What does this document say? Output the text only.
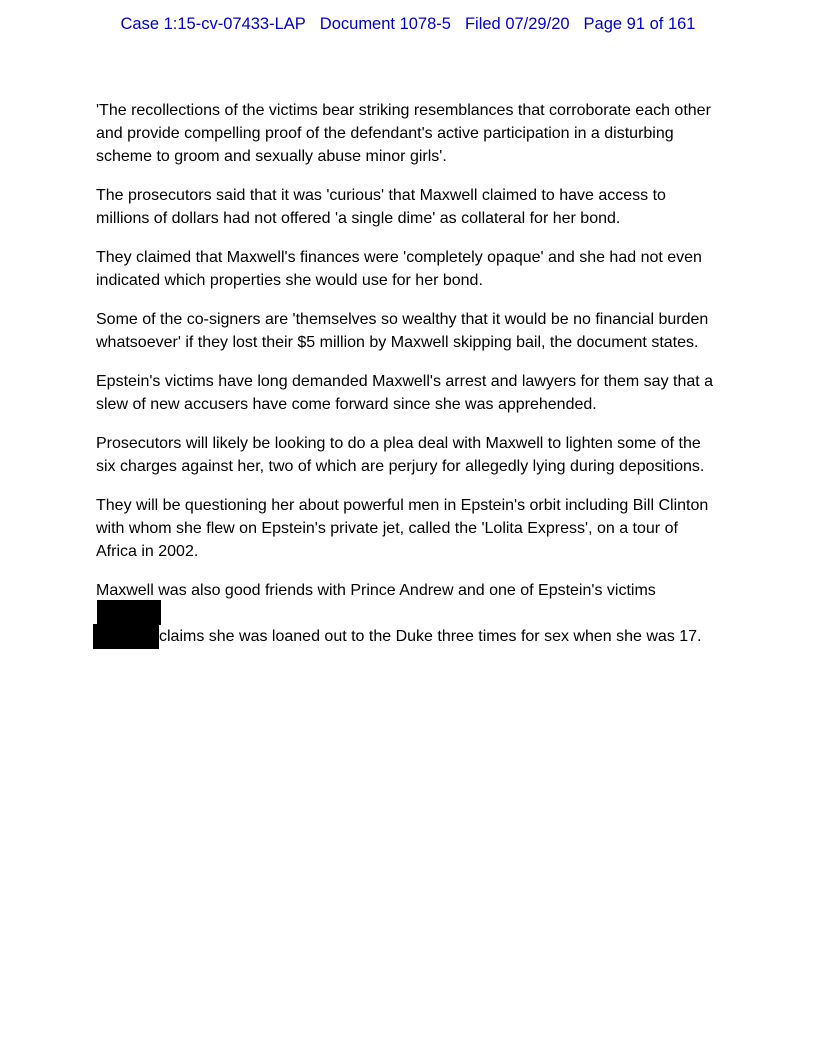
Case 1:15-cv-07433-LAP Document 1078-5 Filed 07/29/20 Page 91 of 161

'The recollections of the victims bear striking resemblances that corroborate each other and provide compelling proof of the defendant's active participation in a disturbing scheme to groom and sexually abuse minor girls'.

The prosecutors said that it was 'curious' that Maxwell claimed to have access to millions of dollars had not offered 'a single dime' as collateral for her bond.

They claimed that Maxwell's finances were 'completely opaque' and she had not even indicated which properties she would use for her bond.

Some of the co-signers are 'themselves so wealthy that it would be no financial burden whatsoever' if they lost their $5 million by Maxwell skipping bail, the document states.

Epstein's victims have long demanded Maxwell's arrest and lawyers for them say that a slew of new accusers have come forward since she was apprehended.

Prosecutors will likely be looking to do a plea deal with Maxwell to lighten some of the six charges against her, two of which are perjury for allegedly lying during depositions.

They will be questioning her about powerful men in Epstein's orbit including Bill Clinton with whom she flew on Epstein's private jet, called the 'Lolita Express', on a tour of Africa in 2002.

Maxwell was also good friends with Prince Andrew and one of Epstein's victims
claims she was loaned out to the Duke three times for sex when she was 17.
